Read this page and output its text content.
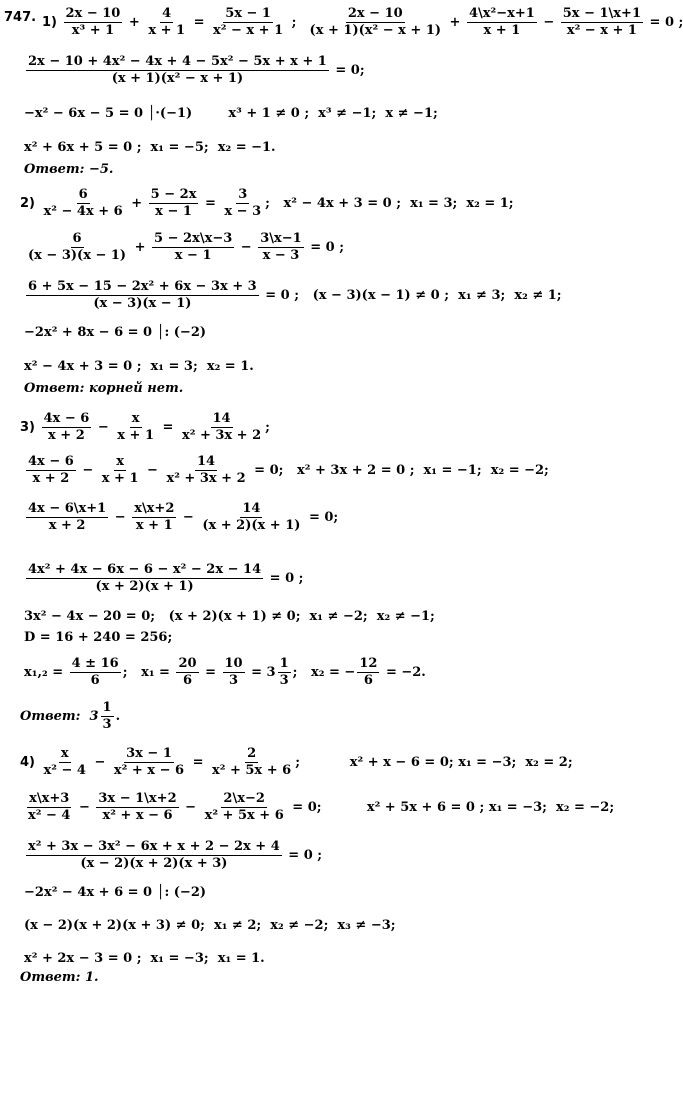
747. $1) \frac{2x - 10}{\text{x³ + 1}} + \frac{4}{x + 1} = \frac{5x - 1}{\text{x² − x + 1}}$ ; $\frac{2x - 10}{\text{(x + 1)(x² − x + 1)}} + \frac{\text{4\textbackslash{}x²−x+1}}{x + 1} - \frac{5x - 1\backslash x+1}{\text{x² − x + 1}} = 0$ ;
$\frac{\text{2x − 10 + 4x² − 4x + 4 − 5x² − 5x + x + 1}}{\text{(x + 1)(x² − x + 1)}} = 0$;
−x² − 6x − 5 = 0 │·(−1)        x³ + 1 ≠ 0 ;  x³ ≠ −1;  x ≠ −1;
x² + 6x + 5 = 0 ;  x₁ = −5;  x₂ = −1.
Ответ: −5.
$2) \frac{6}{\text{x² − 4x + 6}} + \frac{5 - 2x}{x - 1} = \frac{3}{x - 3}$ ;   x² − 4x + 3 = 0 ;  x₁ = 3;  x₂ = 1;
$\frac{6}{(x - 3)(x - 1)} + \frac{5 - 2x\backslash x-3}{x - 1} - \frac{3\backslash x-1}{x - 3} = 0$ ;
$\frac{\text{6 + 5x − 15 − 2x² + 6x − 3x + 3}}{(x - 3)(x - 1)} = 0$ ;   (x − 3)(x − 1) ≠ 0 ;  x₁ ≠ 3;  x₂ ≠ 1;
−2x² + 8x − 6 = 0 │: (−2)
x² − 4x + 3 = 0 ;  x₁ = 3;  x₂ = 1.
Ответ: корней нет.
$3) \frac{4x - 6}{x + 2} - \frac{x}{x + 1} = \frac{14}{\text{x² + 3x + 2}}$ ;
$\frac{4x - 6}{x + 2} - \frac{x}{x + 1} - \frac{14}{\text{x² + 3x + 2}} = 0$;   x² + 3x + 2 = 0 ;  x₁ = −1;  x₂ = −2;
$\frac{4x - 6\backslash x+1}{x + 2} - \frac{x\backslash x+2}{x + 1} - \frac{14}{(x + 2)(x + 1)} = 0$;
$\frac{\text{4x² + 4x − 6x − 6 − x² − 2x − 14}}{(x + 2)(x + 1)} = 0$ ;
3x² − 4x − 20 = 0;   (x + 2)(x + 1) ≠ 0;  x₁ ≠ −2;  x₂ ≠ −1;
D = 16 + 240 = 256;
$x_1,_2 = \frac{4 \pm 16}{6}$ ;   $x_1 = \frac{20}{6} = \frac{10}{3} = 3 \frac{1}{3}$ ;   x₂ = − $\frac{12}{6} = -2$.
Ответ:  $3 \frac{1}{3}$ .
$4) \frac{x}{\text{x² − 4}} - \frac{3x - 1}{\text{x² + x − 6}} = \frac{2}{\text{x² + 5x + 6}}$ ;           x² + x − 6 = 0; x₁ = −3;  x₂ = 2;
$\frac{x\backslash x+3}{\text{x² − 4}} - \frac{3x - 1\backslash x+2}{\text{x² + x − 6}} - \frac{2\backslash x-2}{\text{x² + 5x + 6}} = 0$;          x² + 5x + 6 = 0 ; x₁ = −3;  x₂ = −2;
$\frac{\text{x² + 3x − 3x² − 6x + x + 2 − 2x + 4}}{(x - 2)(x + 2)(x + 3)} = 0$ ;
−2x² − 4x + 6 = 0 │: (−2)
(x − 2)(x + 2)(x + 3) ≠ 0;  x₁ ≠ 2;  x₂ ≠ −2;  x₃ ≠ −3;
x² + 2x − 3 = 0 ;  x₁ = −3;  x₁ = 1.
Ответ: 1.
